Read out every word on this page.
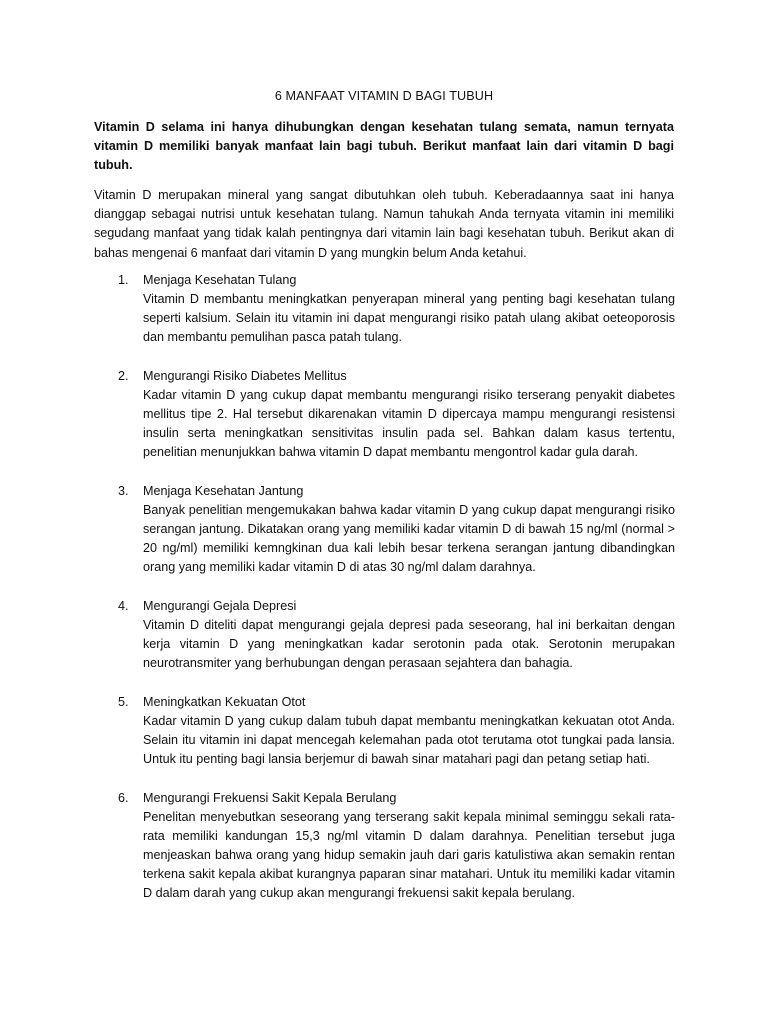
6 MANFAAT VITAMIN D BAGI TUBUH
Vitamin D selama ini hanya dihubungkan dengan kesehatan tulang semata, namun ternyata vitamin D memiliki banyak manfaat lain bagi tubuh. Berikut manfaat lain dari vitamin D bagi tubuh.
Vitamin D merupakan mineral yang sangat dibutuhkan oleh tubuh. Keberadaannya saat ini hanya dianggap sebagai nutrisi untuk kesehatan tulang. Namun tahukah Anda ternyata vitamin ini memiliki segudang manfaat yang tidak kalah pentingnya dari vitamin lain bagi kesehatan tubuh. Berikut akan di bahas mengenai 6 manfaat dari vitamin D yang mungkin belum Anda ketahui.
1.	Menjaga Kesehatan Tulang
Vitamin D membantu meningkatkan penyerapan mineral yang penting bagi kesehatan tulang seperti kalsium. Selain itu vitamin ini dapat mengurangi risiko patah ulang akibat oeteoporosis dan membantu pemulihan pasca patah tulang.
2.	Mengurangi Risiko Diabetes Mellitus
Kadar vitamin D yang cukup dapat membantu mengurangi risiko terserang penyakit diabetes mellitus tipe 2. Hal tersebut dikarenakan vitamin D dipercaya mampu mengurangi resistensi insulin serta meningkatkan sensitivitas insulin pada sel. Bahkan dalam kasus tertentu, penelitian menunjukkan bahwa vitamin D dapat membantu mengontrol kadar gula darah.
3.	Menjaga Kesehatan Jantung
Banyak penelitian mengemukakan bahwa kadar vitamin D yang cukup dapat mengurangi risiko serangan jantung. Dikatakan orang yang memiliki kadar vitamin D di bawah 15 ng/ml (normal > 20 ng/ml) memiliki kemngkinan dua kali lebih besar terkena serangan jantung dibandingkan orang yang memiliki kadar vitamin D di atas 30 ng/ml dalam darahnya.
4.	Mengurangi Gejala Depresi
Vitamin D diteliti dapat mengurangi gejala depresi pada seseorang, hal ini berkaitan dengan kerja vitamin D yang meningkatkan kadar serotonin pada otak. Serotonin merupakan neurotransmiter yang berhubungan dengan perasaan sejahtera dan bahagia.
5.	Meningkatkan Kekuatan Otot
Kadar vitamin D yang cukup dalam tubuh dapat membantu meningkatkan kekuatan otot Anda. Selain itu vitamin ini dapat mencegah kelemahan pada otot terutama otot tungkai pada lansia. Untuk itu penting bagi lansia berjemur di bawah sinar matahari pagi dan petang setiap hati.
6.	Mengurangi Frekuensi Sakit Kepala Berulang
Penelitan menyebutkan seseorang yang terserang sakit kepala minimal seminggu sekali rata-rata memiliki kandungan 15,3 ng/ml vitamin D dalam darahnya. Penelitian tersebut juga menjeaskan bahwa orang yang hidup semakin jauh dari garis katulistiwa akan semakin rentan terkena sakit kepala akibat kurangnya paparan sinar matahari. Untuk itu memiliki kadar vitamin D dalam darah yang cukup akan mengurangi frekuensi sakit kepala berulang.
